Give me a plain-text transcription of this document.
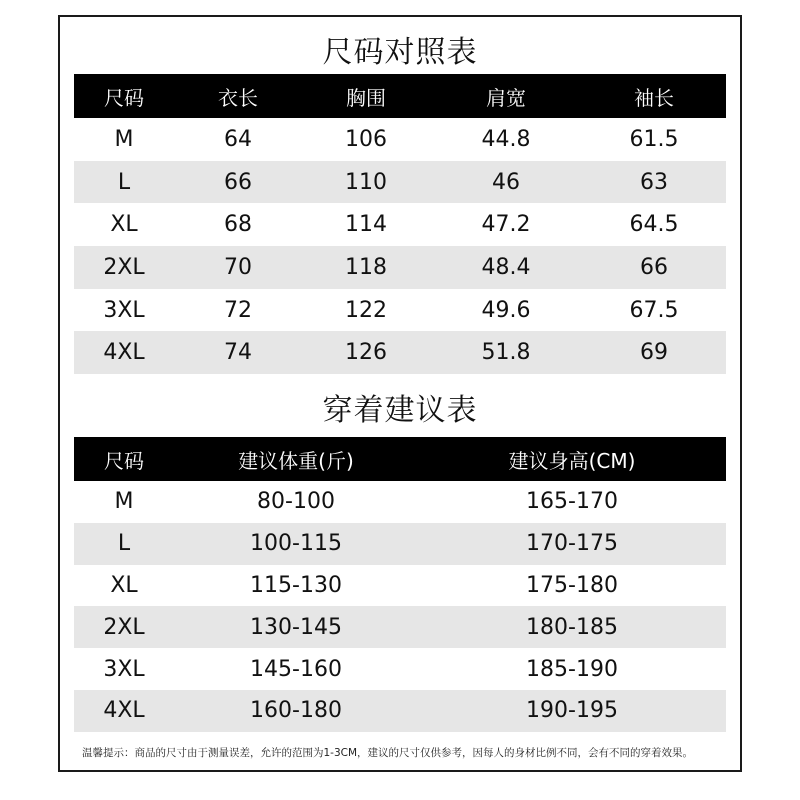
尺码对照表
尺码	衣长	胸围	肩宽	袖长
M	64	106	44.8	61.5
L	66	110	46	63
XL	68	114	47.2	64.5
2XL	70	118	48.4	66
3XL	72	122	49.6	67.5
4XL	74	126	51.8	69
穿着建议表
尺码	建议体重(斤)	建议身高(CM)
M	80-100	165-170
L	100-115	170-175
XL	115-130	175-180
2XL	130-145	180-185
3XL	145-160	185-190
4XL	160-180	190-195
温馨提示：商品的尺寸由于测量误差，允许的范围为1-3CM，建议的尺寸仅供参考，因每人的身材比例不同，会有不同的穿着效果。
